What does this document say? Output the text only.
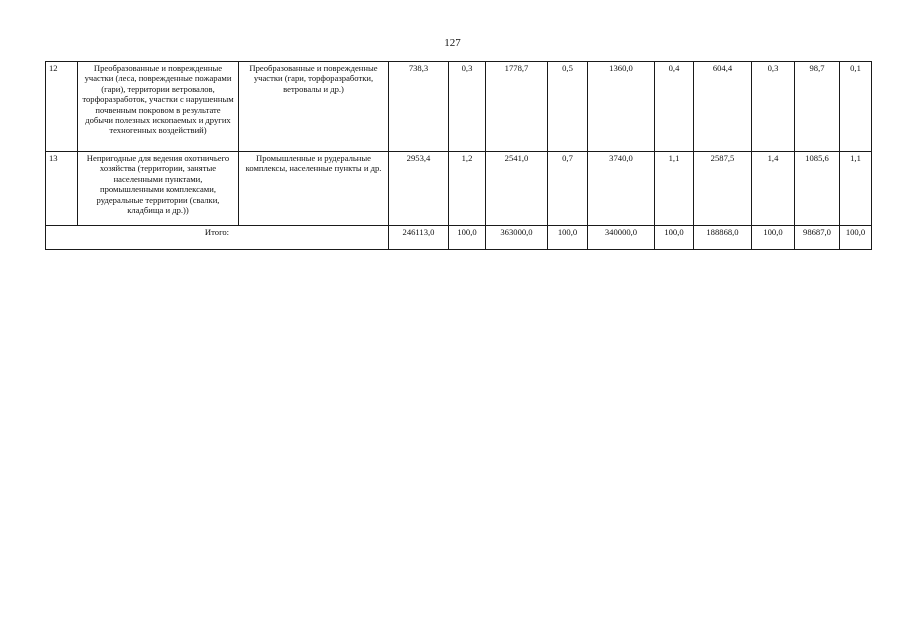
127
12	Преобразованные и поврежденные участки (леса, поврежденные пожарами (гари), территории ветровалов, торфоразработок, участки с нарушенным почвенным покровом в результате добычи полезных ископаемых и других техногенных воздействий)	Преобразованные и поврежденные участки (гари, торфоразработки, ветровалы и др.)	738,3	0,3	1778,7	0,5	1360,0	0,4	604,4	0,3	98,7	0,1
13	Непригодные для ведения охотничьего хозяйства (территории, занятые населенными пунктами, промышленными комплексами, рудеральные территории (свалки, кладбища и др.))	Промышленные и рудеральные комплексы, населенные пункты и др.	2953,4	1,2	2541,0	0,7	3740,0	1,1	2587,5	1,4	1085,6	1,1
Итого:			246113,0	100,0	363000,0	100,0	340000,0	100,0	188868,0	100,0	98687,0	100,0
